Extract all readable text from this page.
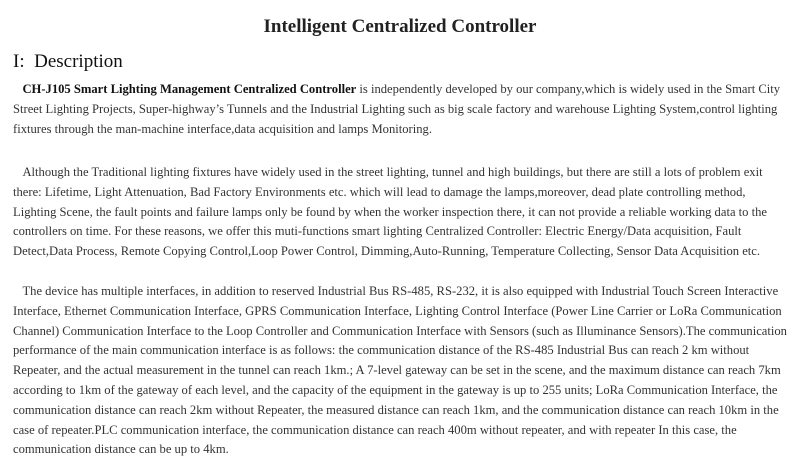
Intelligent Centralized Controller
I: Description

CH-J105 Smart Lighting Management Centralized Controller is independently developed by our company,which is widely used in the Smart City Street Lighting Projects, Super-highway’s Tunnels and the Industrial Lighting such as big scale factory and warehouse Lighting System,control lighting fixtures through the man-machine interface,data acquisition and lamps Monitoring.

Although the Traditional lighting fixtures have widely used in the street lighting, tunnel and high buildings, but there are still a lots of problem exit there: Lifetime, Light Attenuation, Bad Factory Environments etc. which will lead to damage the lamps,moreover, dead plate controlling method, Lighting Scene, the fault points and failure lamps only be found by when the worker inspection there, it can not provide a reliable working data to the controllers on time. For these reasons, we offer this muti-functions smart lighting Centralized Controller: Electric Energy/Data acquisition, Fault Detect,Data Process, Remote Copying Control,Loop Power Control, Dimming,Auto-Running, Temperature Collecting, Sensor Data Acquisition etc.

The device has multiple interfaces, in addition to reserved Industrial Bus RS-485, RS-232, it is also equipped with Industrial Touch Screen Interactive Interface, Ethernet Communication Interface, GPRS Communication Interface, Lighting Control Interface (Power Line Carrier or LoRa Communication Channel) Communication Interface to the Loop Controller and Communication Interface with Sensors (such as Illuminance Sensors).The communication performance of the main communication interface is as follows: the communication distance of the RS-485 Industrial Bus can reach 2 km without Repeater, and the actual measurement in the tunnel can reach 1km.; A 7-level gateway can be set in the scene, and the maximum distance can reach 7km according to 1km of the gateway of each level, and the capacity of the equipment in the gateway is up to 255 units; LoRa Communication Interface, the communication distance can reach 2km without Repeater, the measured distance can reach 1km, and the communication distance can reach 10km in the case of repeater.PLC communication interface, the communication distance can reach 400m without repeater, and with repeater In this case, the communication distance can be up to 4km.
